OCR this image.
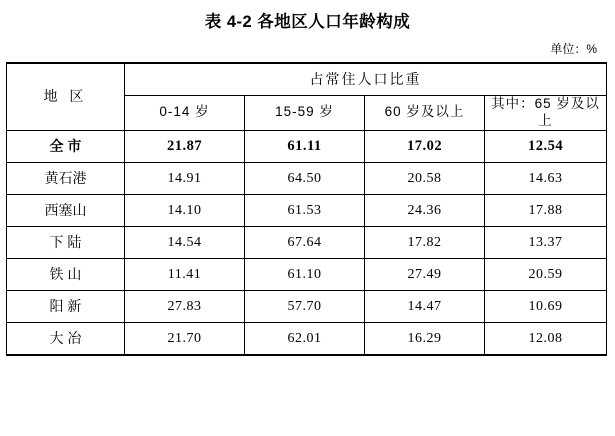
表 4-2 各地区人口年龄构成
单位：%
地 区	占常住人口比重			
	0-14 岁	15-59 岁	60 岁及以上	其中：65 岁及以上
全 市	21.87	61.11	17.02	12.54
黄石港	14.91	64.50	20.58	14.63
西塞山	14.10	61.53	24.36	17.88
下 陆	14.54	67.64	17.82	13.37
铁 山	11.41	61.10	27.49	20.59
阳 新	27.83	57.70	14.47	10.69
大 冶	21.70	62.01	16.29	12.08
